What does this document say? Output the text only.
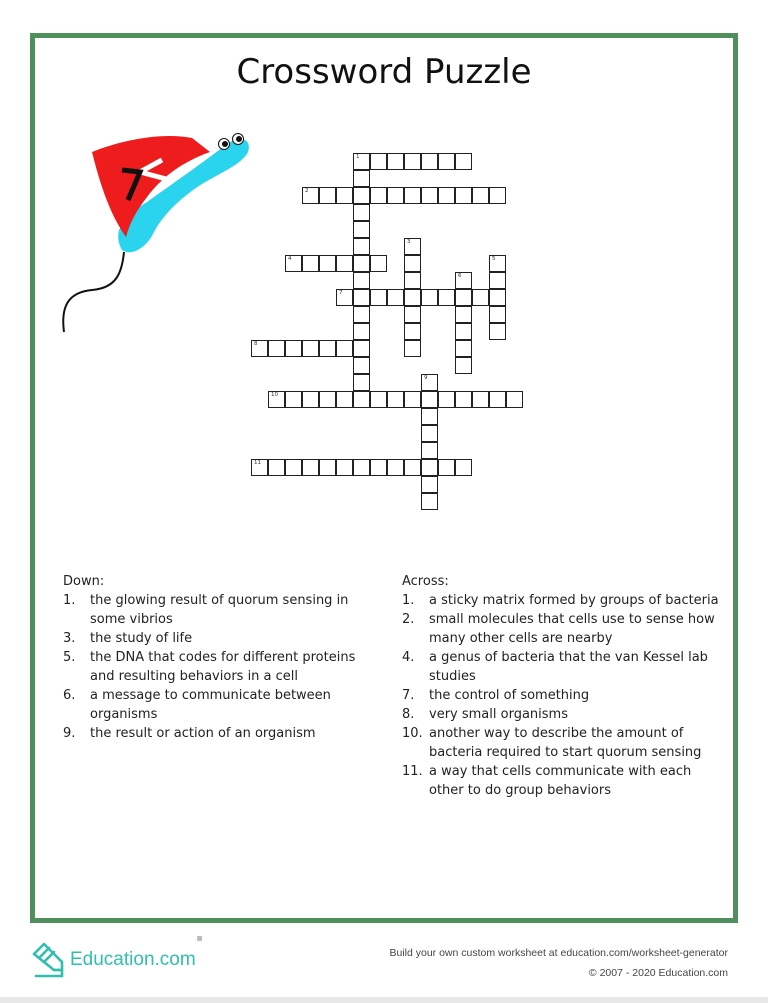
Crossword Puzzle
1
2
3
4	5
6
7
8
9
10
11
Down:
1.	the glowing result of quorum sensing in some vibrios
3.	the study of life
5.	the DNA that codes for different proteins and resulting behaviors in a cell
6.	a message to communicate between organisms
9.	the result or action of an organism
Across:
1.	a sticky matrix formed by groups of bacteria
2.	small molecules that cells use to sense how many other cells are nearby
4.	a genus of bacteria that the van Kessel lab studies
7.	the control of something
8.	very small organisms
10. another way to describe the amount of bacteria required to start quorum sensing
11. a way that cells communicate with each other to do group behaviors
Education.com	Build your own custom worksheet at education.com/worksheet-generator
© 2007 - 2020 Education.com
